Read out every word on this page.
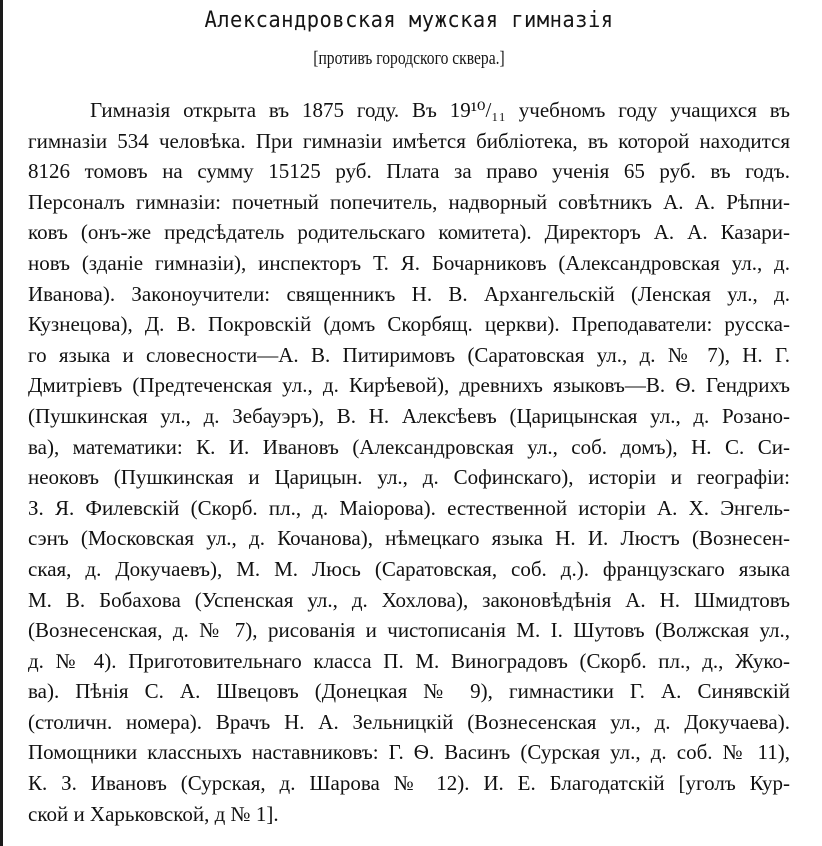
Александровская мужская гимназія
[противъ городского сквера.]
Гимназія открыта въ 1875 году. Въ 19¹⁰/₁₁ учебномъ году учащихся въ
гимназіи 534 человѣка. При гимназіи имѣется библіотека, въ которой находится
8126 томовъ на сумму 15125 руб. Плата за право ученія 65 руб. въ годъ.
Персоналъ гимназіи: почетный попечитель, надворный совѣтникъ А. А. Рѣпни-
ковъ (онъ-же предсѣдатель родительскаго комитета). Директоръ А. А. Казари-
новъ (зданіе гимназіи), инспекторъ Т. Я. Бочарниковъ (Александровская ул., д.
Иванова). Законоучители: священникъ Н. В. Архангельскій (Ленская ул., д.
Кузнецова), Д. В. Покровскій (домъ Скорбящ. церкви). Преподаватели: русска-
го языка и словесности—А. В. Питиримовъ (Саратовская ул., д. № 7), Н. Г.
Дмитріевъ (Предтеченская ул., д. Кирѣевой), древнихъ языковъ—В. Ѳ. Гендрихъ
(Пушкинская ул., д. Зебауэръ), В. Н. Алексѣевъ (Царицынская ул., д. Розано-
ва), математики: К. И. Ивановъ (Александровская ул., соб. домъ), Н. С. Си-
неоковъ (Пушкинская и Царицын. ул., д. Софинскаго), исторіи и географіи:
З. Я. Филевскій (Скорб. пл., д. Маіорова). естественной исторіи А. Х. Энгель-
сэнъ (Московская ул., д. Кочанова), нѣмецкаго языка Н. И. Люстъ (Вознесен-
ская, д. Докучаевъ), М. М. Люсь (Саратовская, соб. д.). французскаго языка
М. В. Бобахова (Успенская ул., д. Хохлова), законовѣдѣнія А. Н. Шмидтовъ
(Вознесенская, д. № 7), рисованія и чистописанія М. І. Шутовъ (Волжская ул.,
д. № 4). Приготовительнаго класса П. М. Виноградовъ (Скорб. пл., д., Жуко-
ва). Пѣнія С. А. Швецовъ (Донецкая № 9), гимнастики Г. А. Синявскій
(столичн. номера). Врачъ Н. А. Зельницкій (Вознесенская ул., д. Докучаева).
Помощники классныхъ наставниковъ: Г. Ѳ. Васинъ (Сурская ул., д. соб. № 11),
К. З. Ивановъ (Сурская, д. Шарова № 12). И. Е. Благодатскій [уголъ Кур-
ской и Харьковской, д № 1].
